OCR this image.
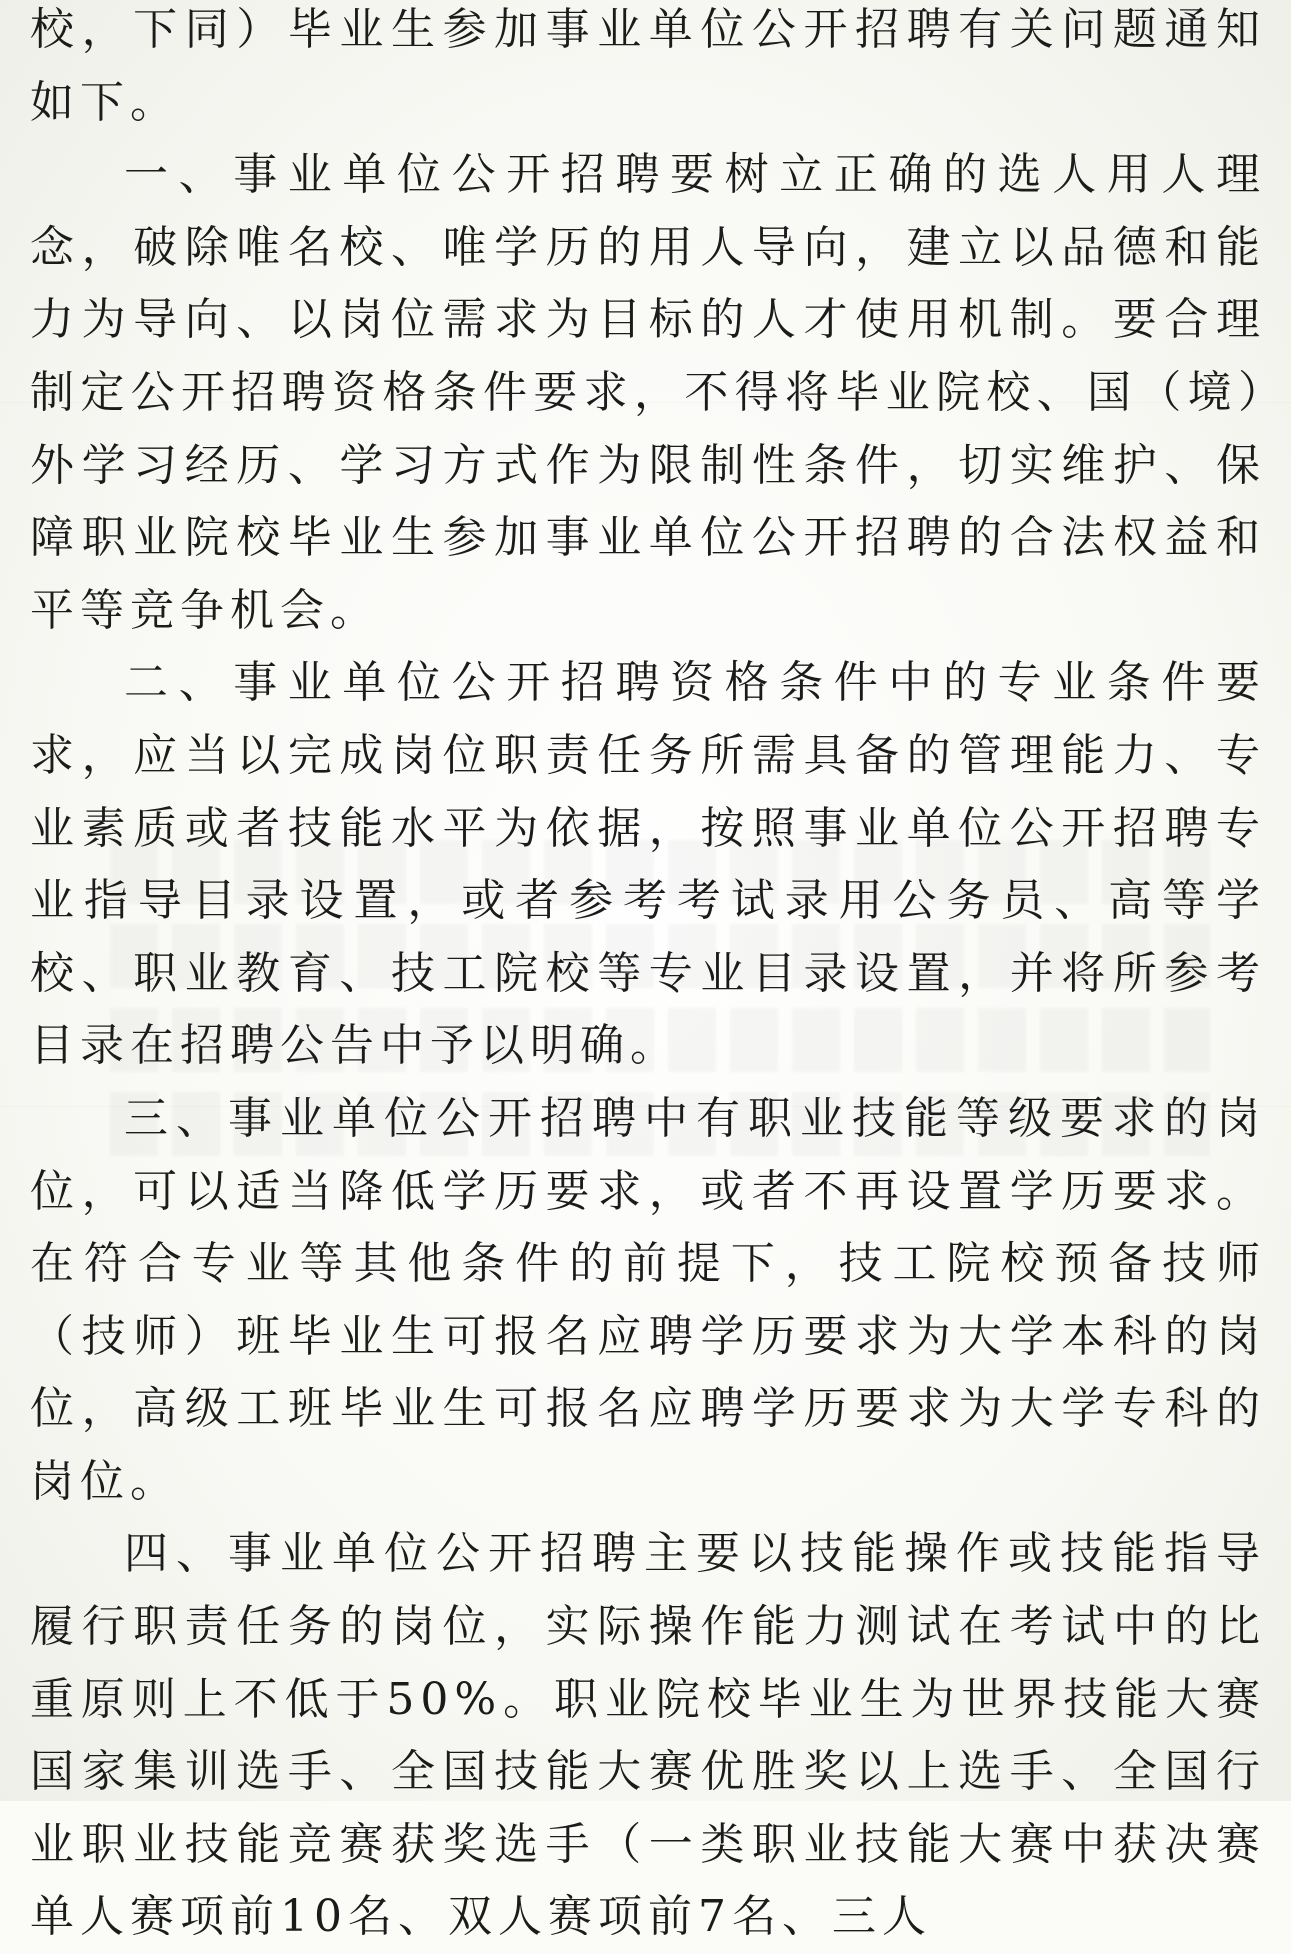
校，下同）毕业生参加事业单位公开招聘有关问题通知如下。

一、事业单位公开招聘要树立正确的选人用人理念，破除唯名校、唯学历的用人导向，建立以品德和能力为导向、以岗位需求为目标的人才使用机制。要合理制定公开招聘资格条件要求，不得将毕业院校、国（境）外学习经历、学习方式作为限制性条件，切实维护、保障职业院校毕业生参加事业单位公开招聘的合法权益和平等竞争机会。

二、事业单位公开招聘资格条件中的专业条件要求，应当以完成岗位职责任务所需具备的管理能力、专业素质或者技能水平为依据，按照事业单位公开招聘专业指导目录设置，或者参考考试录用公务员、高等学校、职业教育、技工院校等专业目录设置，并将所参考目录在招聘公告中予以明确。

三、事业单位公开招聘中有职业技能等级要求的岗位，可以适当降低学历要求，或者不再设置学历要求。在符合专业等其他条件的前提下，技工院校预备技师（技师）班毕业生可报名应聘学历要求为大学本科的岗位，高级工班毕业生可报名应聘学历要求为大学专科的岗位。

四、事业单位公开招聘主要以技能操作或技能指导履行职责任务的岗位，实际操作能力测试在考试中的比重原则上不低于50%。职业院校毕业生为世界技能大赛国家集训选手、全国技能大赛优胜奖以上选手、全国行业职业技能竞赛获奖选手（一类职业技能大赛中获决赛单人赛项前10名、双人赛项前7名、三人
